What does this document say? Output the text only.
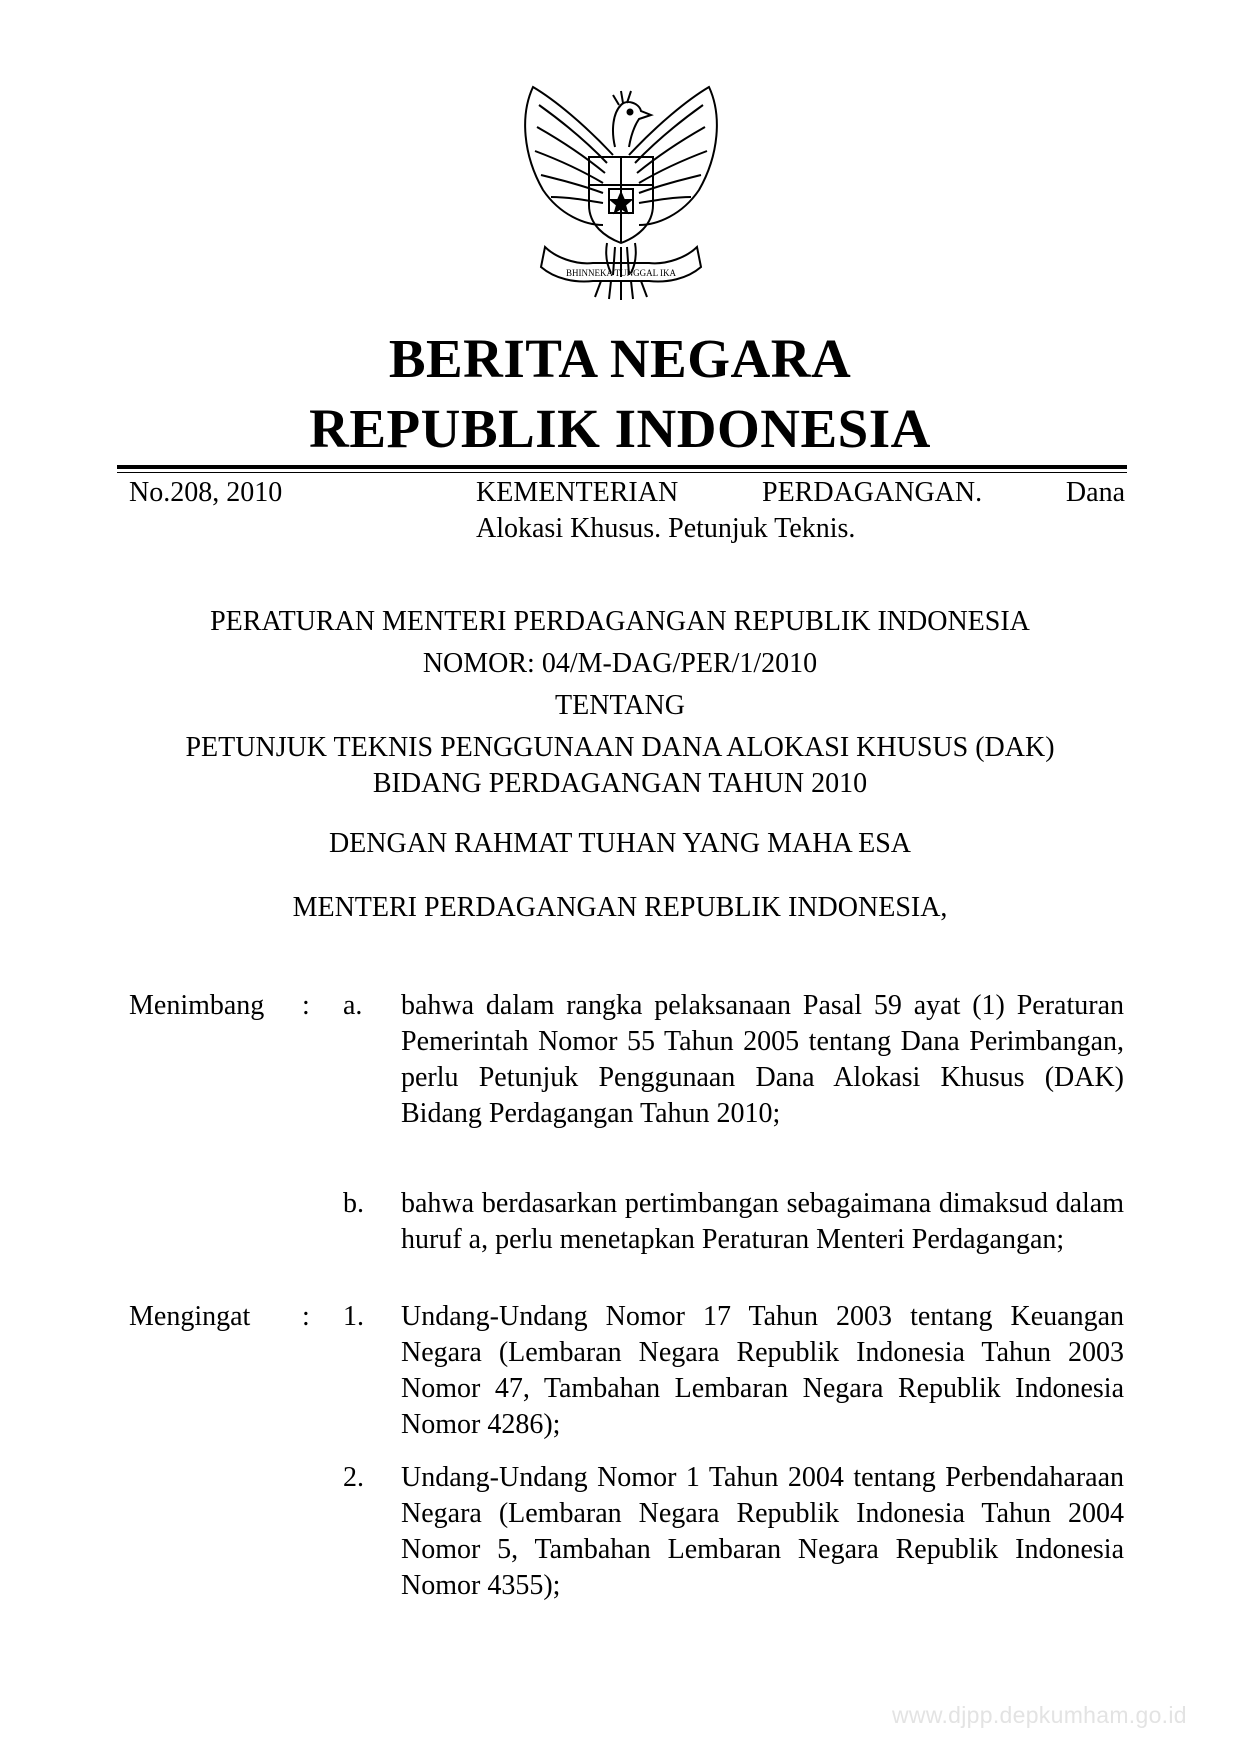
BHINNEKA TUNGGAL IKA
BERITA NEGARA
REPUBLIK INDONESIA
No.208, 2010	KEMENTERIAN PERDAGANGAN. Dana
Alokasi Khusus. Petunjuk Teknis.
PERATURAN MENTERI PERDAGANGAN REPUBLIK INDONESIA
NOMOR: 04/M-DAG/PER/1/2010
TENTANG
PETUNJUK TEKNIS PENGGUNAAN DANA ALOKASI KHUSUS (DAK)
BIDANG PERDAGANGAN TAHUN 2010
DENGAN RAHMAT TUHAN YANG MAHA ESA
MENTERI PERDAGANGAN REPUBLIK INDONESIA,
Menimbang : a. bahwa dalam rangka pelaksanaan Pasal 59 ayat (1) Peraturan Pemerintah Nomor 55 Tahun 2005 tentang Dana Perimbangan, perlu Petunjuk Penggunaan Dana Alokasi Khusus (DAK) Bidang Perdagangan Tahun 2010;
b. bahwa berdasarkan pertimbangan sebagaimana dimaksud dalam huruf a, perlu menetapkan Peraturan Menteri Perdagangan;
Mengingat : 1. Undang-Undang Nomor 17 Tahun 2003 tentang Keuangan Negara (Lembaran Negara Republik Indonesia Tahun 2003 Nomor 47, Tambahan Lembaran Negara Republik Indonesia Nomor 4286);
2. Undang-Undang Nomor 1 Tahun 2004 tentang Perbendaharaan Negara (Lembaran Negara Republik Indonesia Tahun 2004 Nomor 5, Tambahan Lembaran Negara Republik Indonesia Nomor 4355);
www.djpp.depkumham.go.id
